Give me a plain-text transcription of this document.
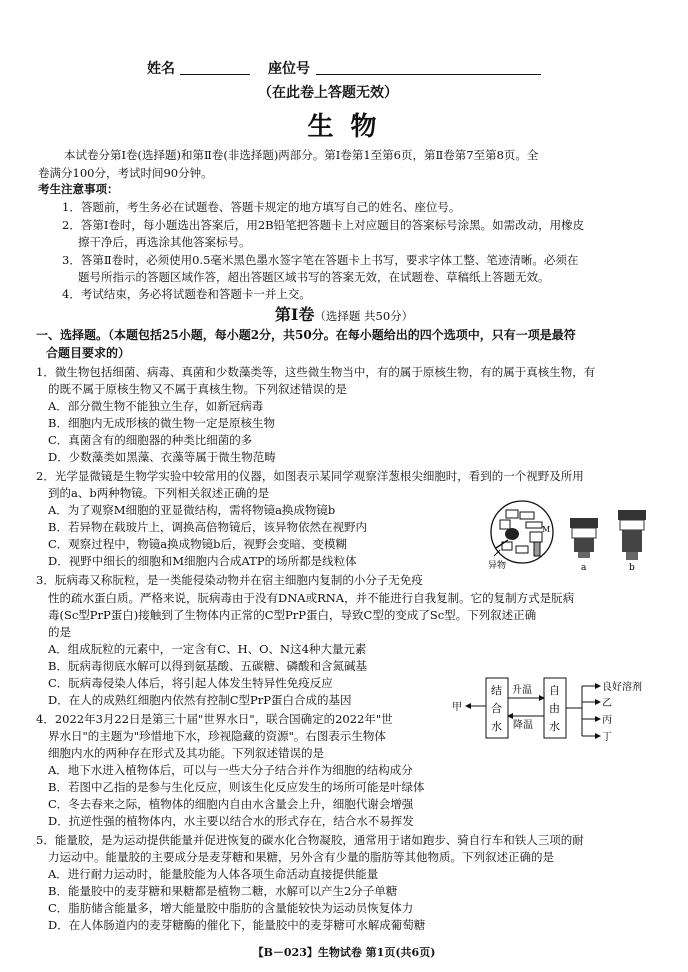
姓名	座位号
（在此卷上答题无效）
生 物
本试卷分第Ⅰ卷(选择题)和第Ⅱ卷(非选择题)两部分。第Ⅰ卷第1至第6页，第Ⅱ卷第7至第8页。全
卷满分100分，考试时间90分钟。
考生注意事项：
1．答题前，考生务必在试题卷、答题卡规定的地方填写自己的姓名、座位号。
2．答第Ⅰ卷时，每小题选出答案后，用2B铅笔把答题卡上对应题目的答案标号涂黑。如需改动，用橡皮
擦干净后，再选涂其他答案标号。
3．答第Ⅱ卷时，必须使用0.5毫米黑色墨水签字笔在答题卡上书写，要求字体工整、笔迹清晰。必须在
题号所指示的答题区域作答，超出答题区域书写的答案无效，在试题卷、草稿纸上答题无效。
4．考试结束，务必将试题卷和答题卡一并上交。
第Ⅰ卷（选择题 共50分）
一、选择题。（本题包括25小题，每小题2分，共50分。在每小题给出的四个选项中，只有一项是最符
合题目要求的）
1．微生物包括细菌、病毒、真菌和少数藻类等，这些微生物当中，有的属于原核生物，有的属于真核生物，有
的既不属于原核生物又不属于真核生物。下列叙述错误的是
A．部分微生物不能独立生存，如新冠病毒
B．细胞内无成形核的微生物一定是原核生物
C．真菌含有的细胞器的种类比细菌的多
D．少数藻类如黑藻、衣藻等属于微生物范畴
2．光学显微镜是生物学实验中较常用的仪器，如图表示某同学观察洋葱根尖细胞时，看到的一个视野及所用
到的a、b两种物镜。下列相关叙述正确的是
A．为了观察M细胞的亚显微结构，需将物镜a换成物镜b
B．若异物在载玻片上，调换高倍物镜后，该异物依然在视野内
C．观察过程中，物镜a换成物镜b后，视野会变暗、变模糊
D．视野中细长的细胞和M细胞内合成ATP的场所都是线粒体
M
异物	a	b
3．朊病毒又称朊粒，是一类能侵染动物并在宿主细胞内复制的小分子无免疫
性的疏水蛋白质。严格来说，朊病毒由于没有DNA或RNA，并不能进行自我复制。它的复制方式是朊病
毒(Sc型PrP蛋白)接触到了生物体内正常的C型PrP蛋白，导致C型的变成了Sc型。下列叙述正确
的是
A．组成朊粒的元素中，一定含有C、H、O、N这4种大量元素
B．朊病毒彻底水解可以得到氨基酸、五碳糖、磷酸和含氮碱基
C．朊病毒侵染人体后，将引起人体发生特异性免疫反应
D．在人的成熟红细胞内依然有控制C型PrP蛋白合成的基因
4．2022年3月22日是第三十届"世界水日"，联合国确定的2022年"世
界水日"的主题为"珍惜地下水，珍视隐藏的资源"。右图表示生物体
细胞内水的两种存在形式及其功能。下列叙述错误的是
A．地下水进入植物体后，可以与一些大分子结合并作为细胞的结构成分
B．若图中乙指的是参与生化反应，则该生化反应发生的场所可能是叶绿体
C．冬去春来之际，植物体的细胞内自由水含量会上升，细胞代谢会增强
D．抗逆性强的植物体内，水主要以结合水的形式存在，结合水不易挥发
结
合
水
自
由
水
升温
降温
甲
良好溶剂
乙
丙
丁
5．能量胶，是为运动提供能量并促进恢复的碳水化合物凝胶，通常用于诸如跑步、骑自行车和铁人三项的耐
力运动中。能量胶的主要成分是麦芽糖和果糖，另外含有少量的脂肪等其他物质。下列叙述正确的是
A．进行耐力运动时，能量胶能为人体各项生命活动直接提供能量
B．能量胶中的麦芽糖和果糖都是植物二糖，水解可以产生2分子单糖
C．脂肪储含能量多，增大能量胶中脂肪的含量能较快为运动员恢复体力
D．在人体肠道内的麦芽糖酶的催化下，能量胶中的麦芽糖可水解成葡萄糖
【B－023】生物试卷 第1页(共6页)
